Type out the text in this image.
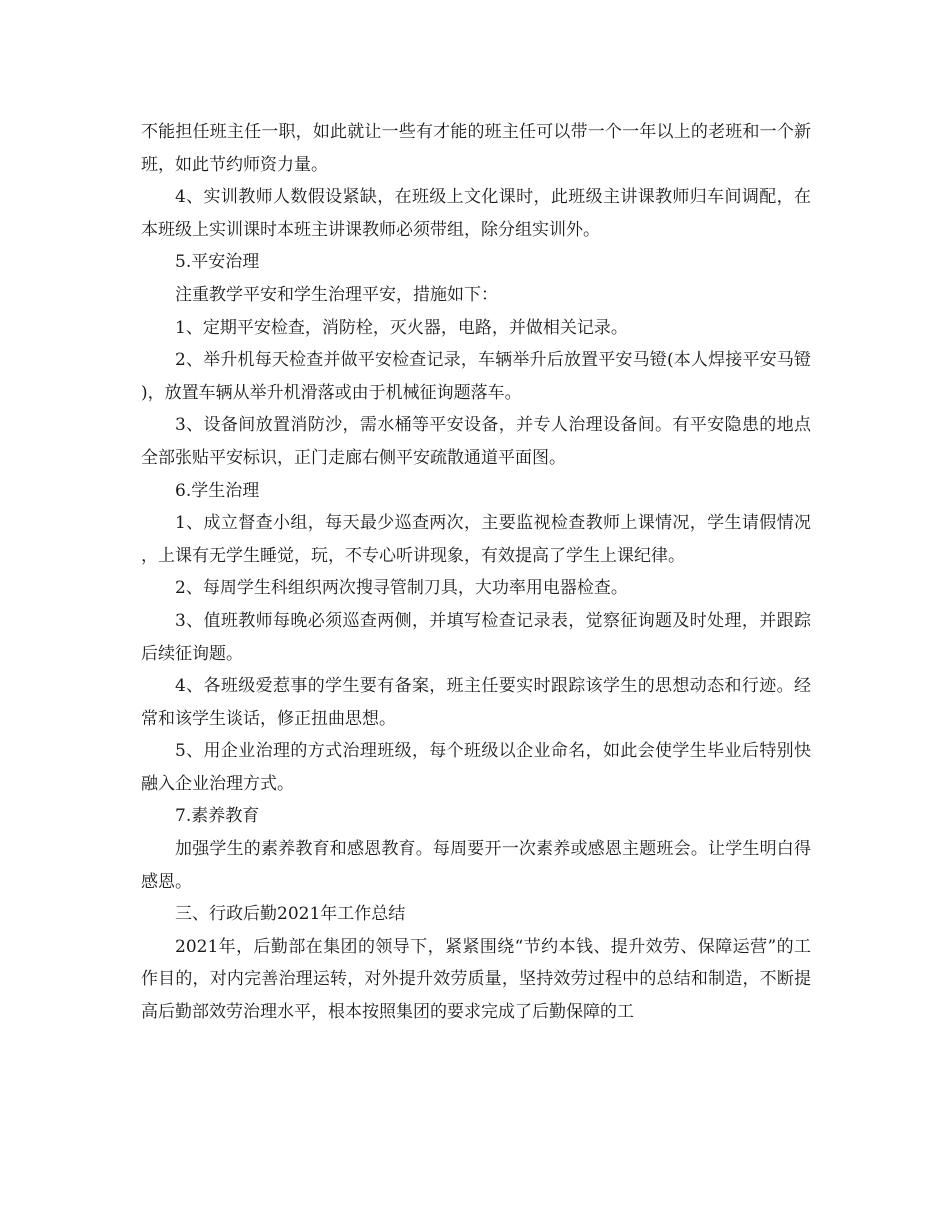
不能担任班主任一职，如此就让一些有才能的班主任可以带一个一年以上的老班和一个新班，如此节约师资力量。

4、实训教师人数假设紧缺，在班级上文化课时，此班级主讲课教师归车间调配，在本班级上实训课时本班主讲课教师必须带组，除分组实训外。

5.平安治理

注重教学平安和学生治理平安，措施如下：

1、定期平安检查，消防栓，灭火器，电路，并做相关记录。

2、举升机每天检查并做平安检查记录，车辆举升后放置平安马镫(本人焊接平安马镫)，放置车辆从举升机滑落或由于机械征询题落车。

3、设备间放置消防沙，需水桶等平安设备，并专人治理设备间。有平安隐患的地点全部张贴平安标识，正门走廊右侧平安疏散通道平面图。

6.学生治理

1、成立督查小组，每天最少巡查两次，主要监视检查教师上课情况，学生请假情况，上课有无学生睡觉，玩，不专心听讲现象，有效提高了学生上课纪律。

2、每周学生科组织两次搜寻管制刀具，大功率用电器检查。

3、值班教师每晚必须巡查两侧，并填写检查记录表，觉察征询题及时处理，并跟踪后续征询题。

4、各班级爱惹事的学生要有备案，班主任要实时跟踪该学生的思想动态和行迹。经常和该学生谈话，修正扭曲思想。

5、用企业治理的方式治理班级，每个班级以企业命名，如此会使学生毕业后特别快融入企业治理方式。

7.素养教育

加强学生的素养教育和感恩教育。每周要开一次素养或感恩主题班会。让学生明白得感恩。

三、行政后勤2021年工作总结

2021年，后勤部在集团的领导下，紧紧围绕“节约本钱、提升效劳、保障运营”的工作目的，对内完善治理运转，对外提升效劳质量，坚持效劳过程中的总结和制造，不断提高后勤部效劳治理水平，根本按照集团的要求完成了后勤保障的工
